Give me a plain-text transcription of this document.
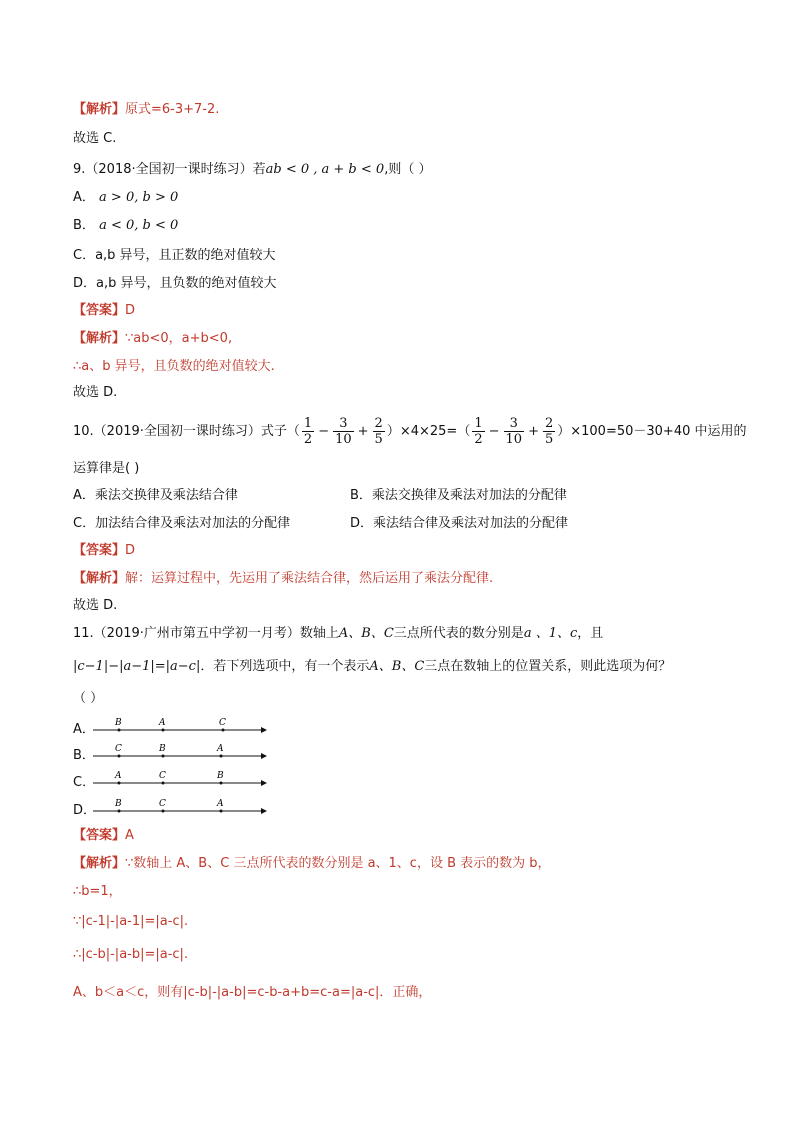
【解析】原式=6-3+7-2.
故选 C.
9.（2018·全国初一课时练习）若ab < 0 , a + b < 0,则（ ）
A． a > 0, b > 0
B． a < 0, b < 0
C．a,b 异号，且正数的绝对值较大
D．a,b 异号，且负数的绝对值较大
【答案】D
【解析】∵ab<0，a+b<0,
∴a、b 异号，且负数的绝对值较大.
故选 D.
10.（2019·全国初一课时练习）式子（ $\frac{1}{2} - \frac{3}{10} + \frac{2}{5} )\times 4\times 25=( \frac{1}{2} - \frac{3}{10} + \frac{2}{5} )\times 100=50-30+40$ 中运用的
运算律是( )
A．乘法交换律及乘法结合律	B．乘法交换律及乘法对加法的分配律
C．加法结合律及乘法对加法的分配律	D．乘法结合律及乘法对加法的分配律
【答案】D
【解析】解：运算过程中，先运用了乘法结合律，然后运用了乘法分配律.
故选 D.
11.（2019·广州市第五中学初一月考）数轴上A、B、C三点所代表的数分别是a 、1、c，且
|c−1|−|a−1|=|a−c|．若下列选项中，有一个表示A、B、C三点在数轴上的位置关系，则此选项为何？
（ ）
A． B	A	C
B． C	B	A
C． A	C	B
D． B	C	A
【答案】A
【解析】∵数轴上 A、B、C 三点所代表的数分别是 a、1、c，设 B 表示的数为 b，
∴b=1，
∵|c-1|-|a-1|=|a-c|.
∴|c-b|-|a-b|=|a-c|.
A、b＜a＜c，则有|c-b|-|a-b|=c-b-a+b=c-a=|a-c|．正确，
